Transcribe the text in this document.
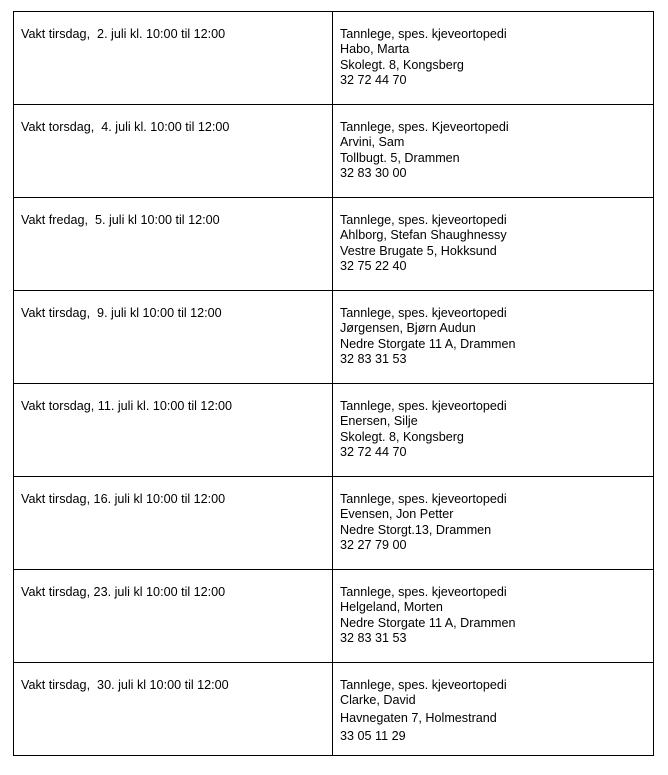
Vakt tirsdag,  2. juli kl. 10:00 til 12:00	Tannlege, spes. kjeveortopedi
Habo, Marta
Skolegt. 8, Kongsberg
32 72 44 70

Vakt torsdag,  4. juli kl. 10:00 til 12:00	Tannlege, spes. Kjeveortopedi
Arvini, Sam
Tollbugt. 5, Drammen
32 83 30 00

Vakt fredag,  5. juli kl 10:00 til 12:00	Tannlege, spes. kjeveortopedi
Ahlborg, Stefan Shaughnessy
Vestre Brugate 5, Hokksund
32 75 22 40

Vakt tirsdag,  9. juli kl 10:00 til 12:00	Tannlege, spes. kjeveortopedi
Jørgensen, Bjørn Audun
Nedre Storgate 11 A, Drammen
32 83 31 53

Vakt torsdag, 11. juli kl. 10:00 til 12:00	Tannlege, spes. kjeveortopedi
Enersen, Silje
Skolegt. 8, Kongsberg
32 72 44 70

Vakt tirsdag, 16. juli kl 10:00 til 12:00	Tannlege, spes. kjeveortopedi
Evensen, Jon Petter
Nedre Storgt.13, Drammen
32 27 79 00

Vakt tirsdag, 23. juli kl 10:00 til 12:00	Tannlege, spes. kjeveortopedi
Helgeland, Morten
Nedre Storgate 11 A, Drammen
32 83 31 53

Vakt tirsdag,  30. juli kl 10:00 til 12:00	Tannlege, spes. kjeveortopedi
Clarke, David
Havnegaten 7, Holmestrand
33 05 11 29
